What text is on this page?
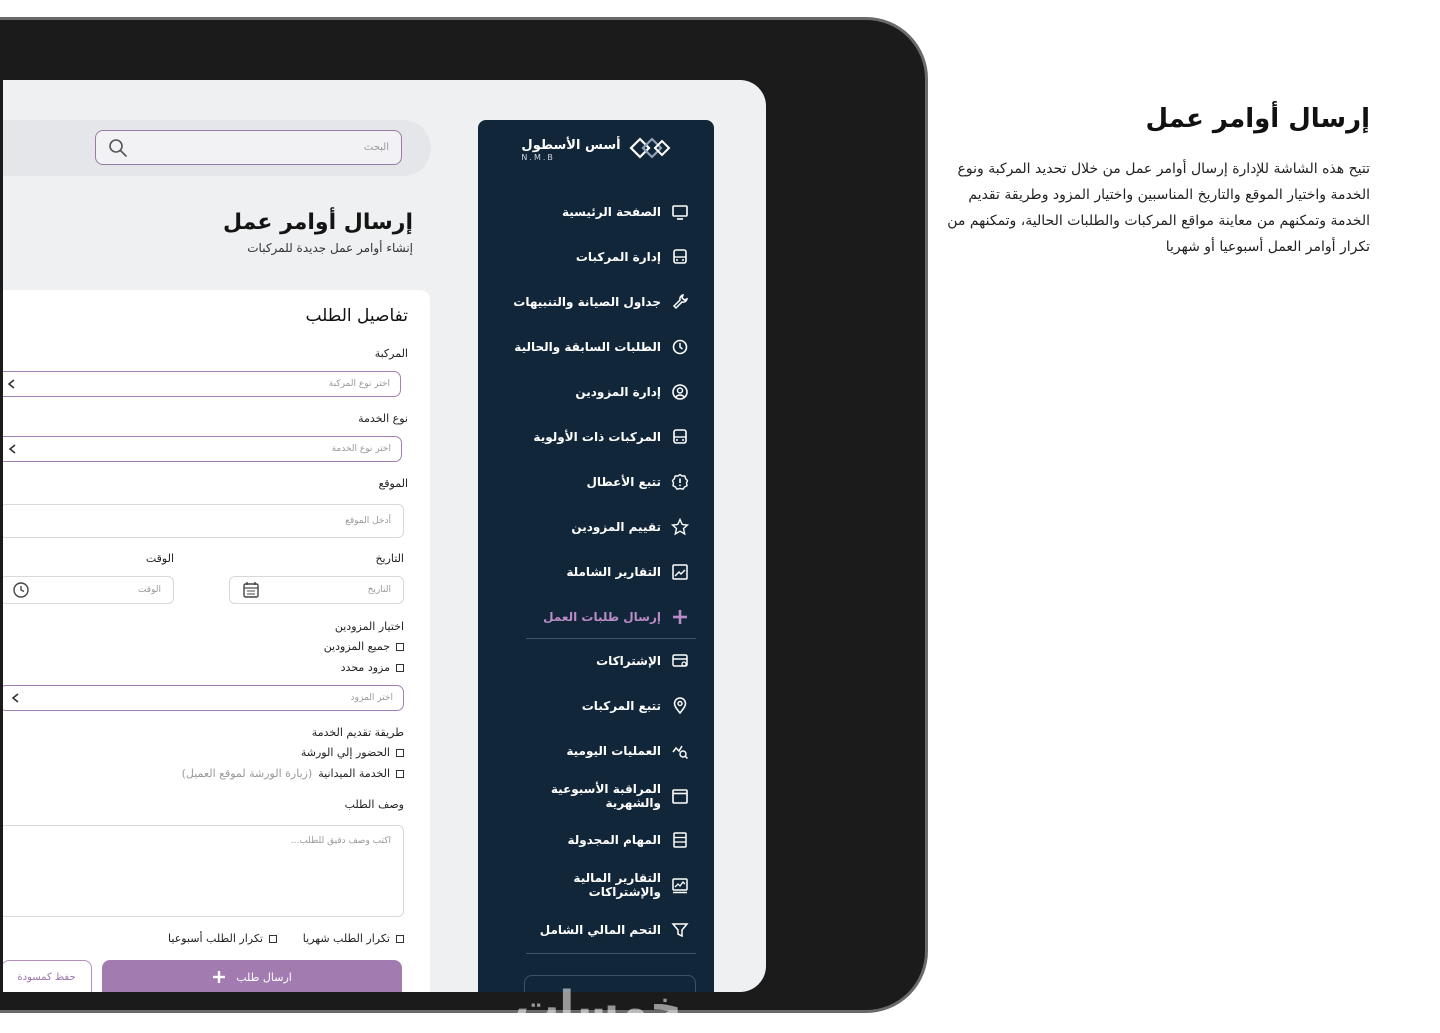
إرسال أوامر عمل
تتيح هذه الشاشة للإدارة إرسال أوامر عمل من خلال تحديد المركبة ونوع الخدمة واختيار الموقع والتاريخ المناسبين واختيار المزود وطريقة تقديم الخدمة وتمكنهم من معاينة مواقع المركبات والطلبات الحالية، وتمكنهم من تكرار أوامر العمل أسبوعيا أو شهريا
البحث
إرسال أوامر عمل
إنشاء أوامر عمل جديدة للمركبات
تفاصيل الطلب
المركبة
اختر نوع المركبة
نوع الخدمة
اختر نوع الخدمة
الموقع
أدخل الموقع
التاريخ
الوقت
التاريخ
الوقت
اختيار المزودين
جميع المزودين
مزود محدد
اختر المزود
طريقة تقديم الخدمة
الحضور إلي الورشة
الخدمة الميدانية
(زيارة الورشة لموقع العميل)
وصف الطلب
اكتب وصف دقيق للطلب...
تكرار الطلب شهريا
تكرار الطلب أسبوعيا
ارسال طلب
حفظ كمسودة
أسس الأسطول
N.M.B
الصفحة الرئيسية
إدارة المركبات
جداول الصيانة والتنبيهات
الطلبات السابقة والحالية
إدارة المزودين
المركبات ذات الأولوية
تتبع الأعطال
تقييم المزودين
التقارير الشاملة
إرسال طلبات العمل
الإشتراكات
تتبع المركبات
العمليات اليومية
المراقبة الأسبوعية والشهرية
المهام المجدولة
التقارير المالية والإشتراكات
التحم المالي الشامل
خمسات
